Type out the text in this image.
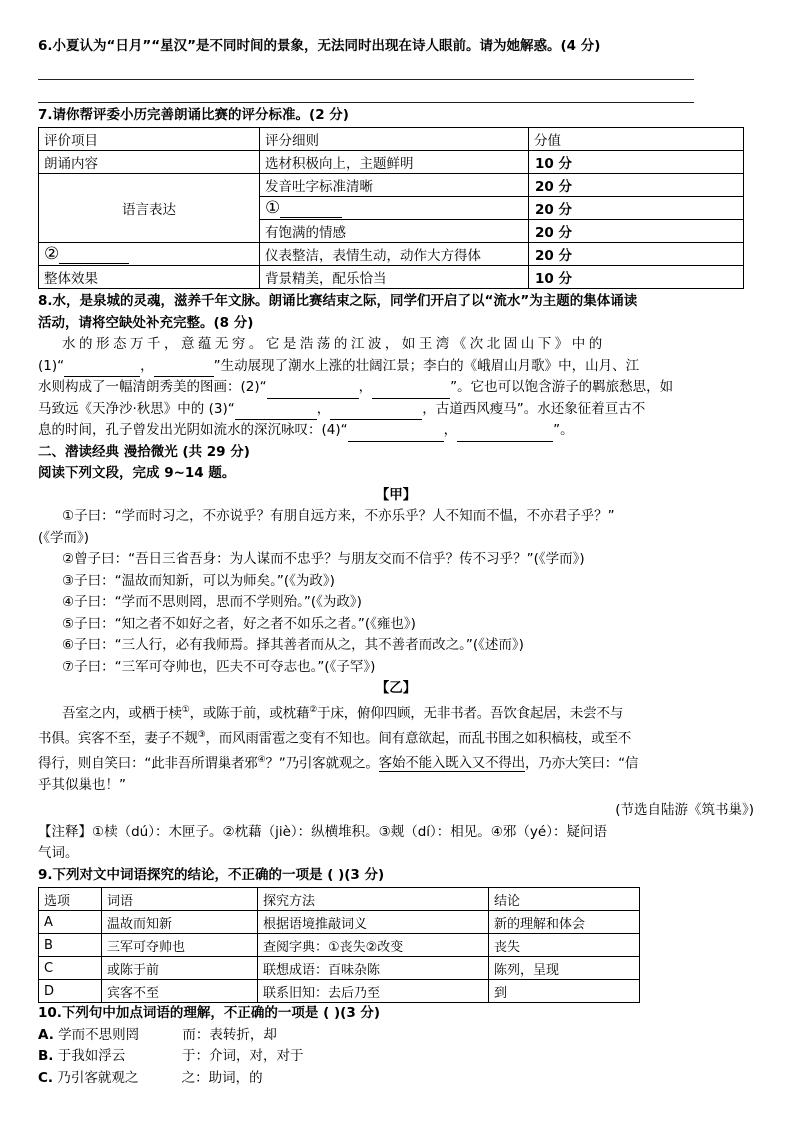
6.小夏认为“日月”“星汉”是不同时间的景象，无法同时出现在诗人眼前。请为她解惑。(4 分)
7.请你帮评委小历完善朗诵比赛的评分标准。(2 分)
评价项目	评分细则	分值
朗诵内容	选材积极向上，主题鲜明	10 分
语言表达	发音吐字标准清晰	20 分
	①	20 分
	有饱满的情感	20 分
②	仪表整洁，表情生动，动作大方得体	20 分
整体效果	背景精美，配乐恰当	10 分
8.水，是泉城的灵魂，滋养千年文脉。朗诵比赛结束之际，同学们开启了以“流水”为主题的集体诵读
活动，请将空缺处补充完整。(8 分)
水 的 形 态 万 千 ， 意 蕴 无 穷 。 它 是 浩 荡 的 江 波 ， 如 王 湾 《 次 北 固 山 下 》 中 的
(1)“	，	”生动展现了潮水上涨的壮阔江景；李白的《峨眉山月歌》中，山月、江
水则构成了一幅清朗秀美的图画：(2)“	，	”。它也可以饱含游子的羁旅愁思，如
马致远《天净沙·秋思》中的 (3)“	，	，古道西风瘦马”。水还象征着亘古不
息的时间，孔子曾发出光阴如流水的深沉咏叹：(4)“	，	”。
二、潜读经典 漫拾微光 (共 29 分)
阅读下列文段，完成 9~14 题。
【甲】
①子曰：“学而时习之，不亦说乎？有朋自远方来，不亦乐乎？人不知而不愠，不亦君子乎？”
(《学而》)
②曾子曰：“吾日三省吾身：为人谋而不忠乎？与朋友交而不信乎？传不习乎？”(《学而》)
③子曰：“温故而知新，可以为师矣。”(《为政》)
④子曰：“学而不思则罔，思而不学则殆。”(《为政》)
⑤子曰：“知之者不如好之者，好之者不如乐之者。”(《雍也》)
⑥子曰：“三人行，必有我师焉。择其善者而从之，其不善者而改之。”(《述而》)
⑦子曰：“三军可夺帅也，匹夫不可夺志也。”(《子罕》)
【乙】
吾室之内，或栖于椟①，或陈于前，或枕藉②于床，俯仰四顾，无非书者。吾饮食起居，未尝不与
书俱。宾客不至，妻子不觌③，而风雨雷雹之变有不知也。间有意欲起，而乱书围之如积槁枝，或至不
得行，则自笑曰：“此非吾所谓巢者邪④？”乃引客就观之。客始不能入既入又不得出，乃亦大笑曰：“信
乎其似巢也！”
(节选自陆游《筑书巢》)
【注释】①椟（dú）：木匣子。②枕藉（jiè）：纵横堆积。③觌（dí）：相见。④邪（yé）：疑问语
气词。
9.下列对文中词语探究的结论，不正确的一项是 ( )(3 分)
选项	词语	探究方法	结论
A	温故而知新	根据语境推敲词义	新的理解和体会
B	三军可夺帅也	查阅字典：①丧失②改变	丧失
C	或陈于前	联想成语：百味杂陈	陈列，呈现
D	宾客不至	联系旧知：去后乃至	到
10.下列句中加点词语的理解，不正确的一项是 ( )(3 分)
A. 学而不思则罔	而：表转折，却
B. 于我如浮云	于：介词，对，对于
C. 乃引客就观之	之：助词，的
